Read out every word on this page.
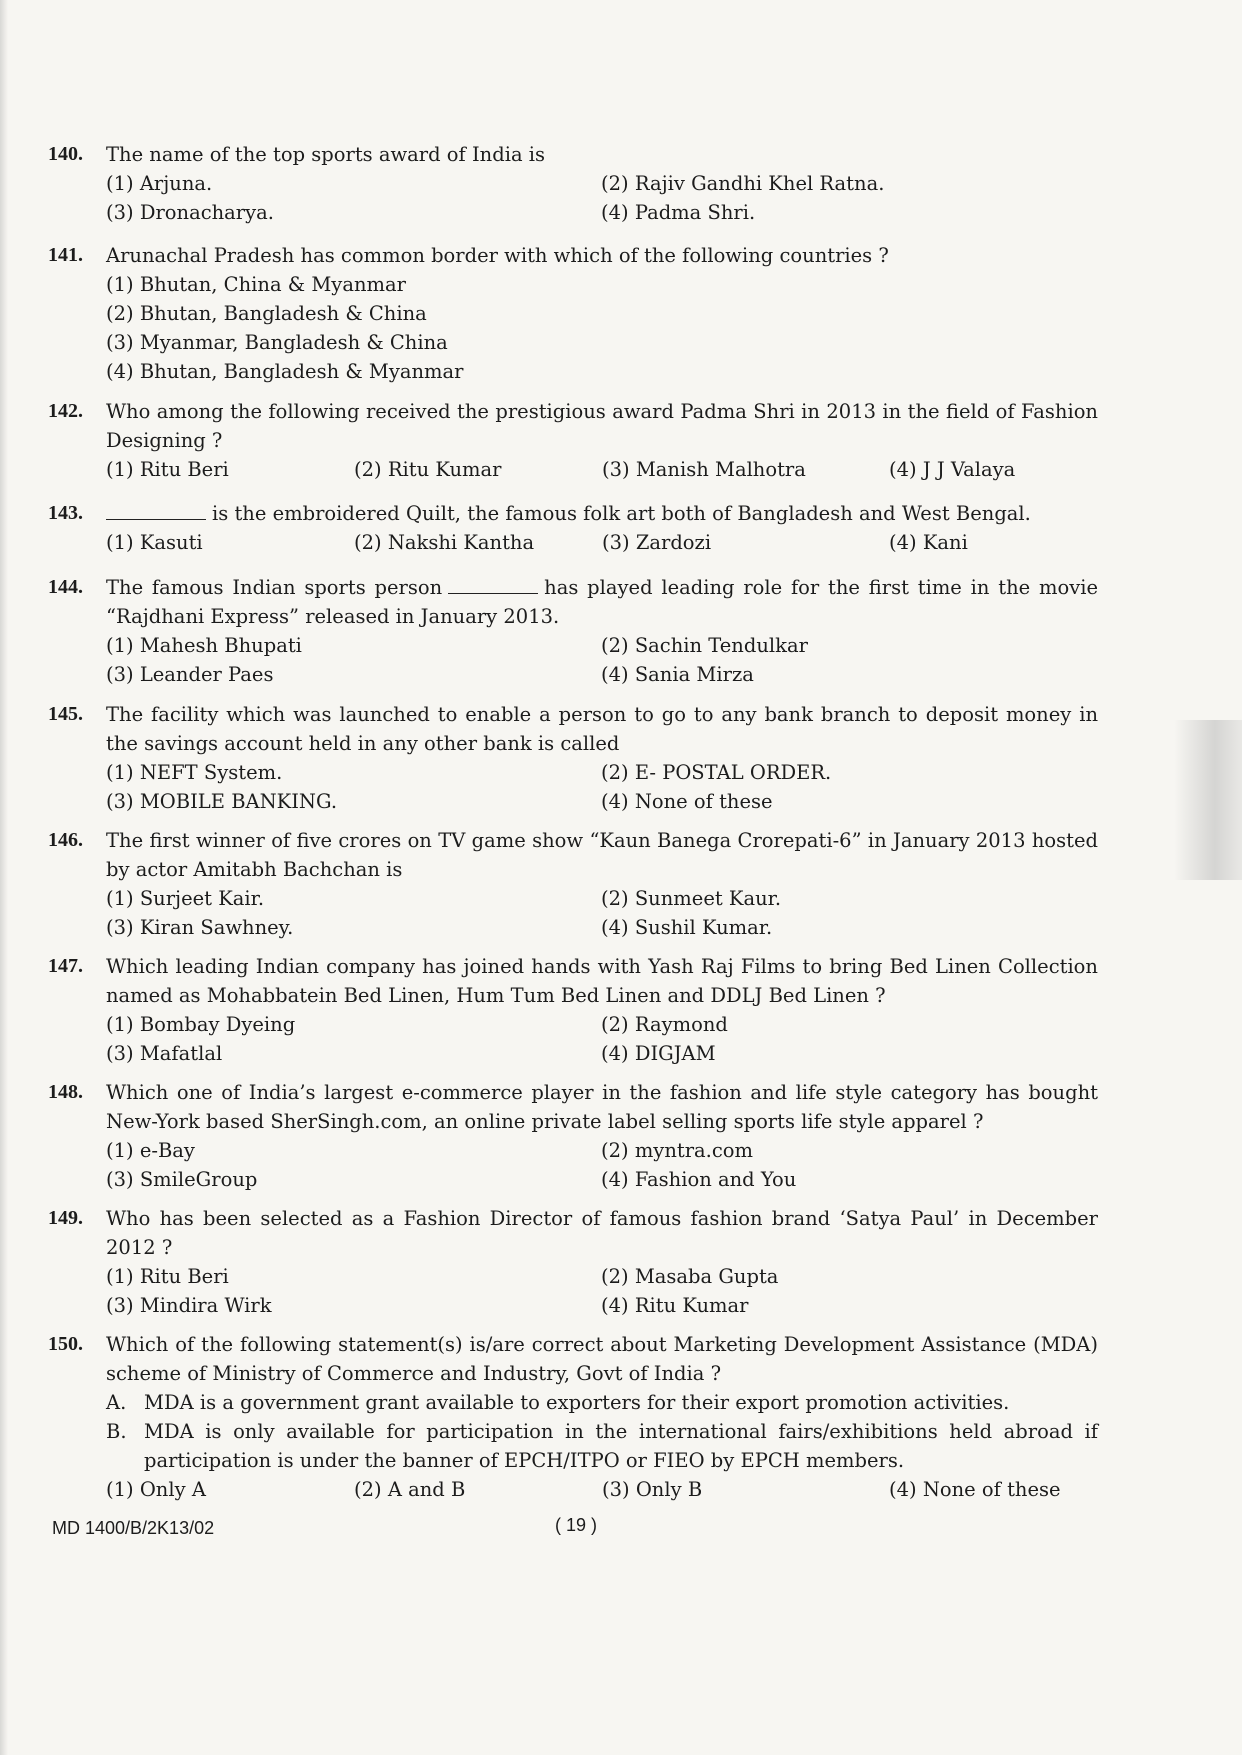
140. The name of the top sports award of India is
(1) Arjuna.	(2) Rajiv Gandhi Khel Ratna.
(3) Dronacharya.	(4) Padma Shri.
141. Arunachal Pradesh has common border with which of the following countries ?
(1) Bhutan, China & Myanmar
(2) Bhutan, Bangladesh & China
(3) Myanmar, Bangladesh & China
(4) Bhutan, Bangladesh & Myanmar
142. Who among the following received the prestigious award Padma Shri in 2013 in the field of Fashion Designing ?
(1) Ritu Beri	(2) Ritu Kumar	(3) Manish Malhotra	(4) J J Valaya
143.	is the embroidered Quilt, the famous folk art both of Bangladesh and West Bengal.
(1) Kasuti	(2) Nakshi Kantha	(3) Zardozi	(4) Kani
144. The famous Indian sports person	has played leading role for the first time in the movie “Rajdhani Express” released in January 2013.
(1) Mahesh Bhupati	(2) Sachin Tendulkar
(3) Leander Paes	(4) Sania Mirza
145. The facility which was launched to enable a person to go to any bank branch to deposit money in the savings account held in any other bank is called
(1) NEFT System.	(2) E- POSTAL ORDER.
(3) MOBILE BANKING.	(4) None of these
146. The first winner of five crores on TV game show “Kaun Banega Crorepati-6” in January 2013 hosted by actor Amitabh Bachchan is
(1) Surjeet Kair.	(2) Sunmeet Kaur.
(3) Kiran Sawhney.	(4) Sushil Kumar.
147. Which leading Indian company has joined hands with Yash Raj Films to bring Bed Linen Collection named as Mohabbatein Bed Linen, Hum Tum Bed Linen and DDLJ Bed Linen ?
(1) Bombay Dyeing	(2) Raymond
(3) Mafatlal	(4) DIGJAM
148. Which one of India’s largest e-commerce player in the fashion and life style category has bought New-York based SherSingh.com, an online private label selling sports life style apparel ?
(1) e-Bay	(2) myntra.com
(3) SmileGroup	(4) Fashion and You
149. Who has been selected as a Fashion Director of famous fashion brand ‘Satya Paul’ in December 2012 ?
(1) Ritu Beri	(2) Masaba Gupta
(3) Mindira Wirk	(4) Ritu Kumar
150. Which of the following statement(s) is/are correct about Marketing Development Assistance (MDA) scheme of Ministry of Commerce and Industry, Govt of India ?
A. MDA is a government grant available to exporters for their export promotion activities.
B. MDA is only available for participation in the international fairs/exhibitions held abroad if participation is under the banner of EPCH/ITPO or FIEO by EPCH members.
(1) Only A	(2) A and B	(3) Only B	(4) None of these
MD 1400/B/2K13/02	( 19 )
